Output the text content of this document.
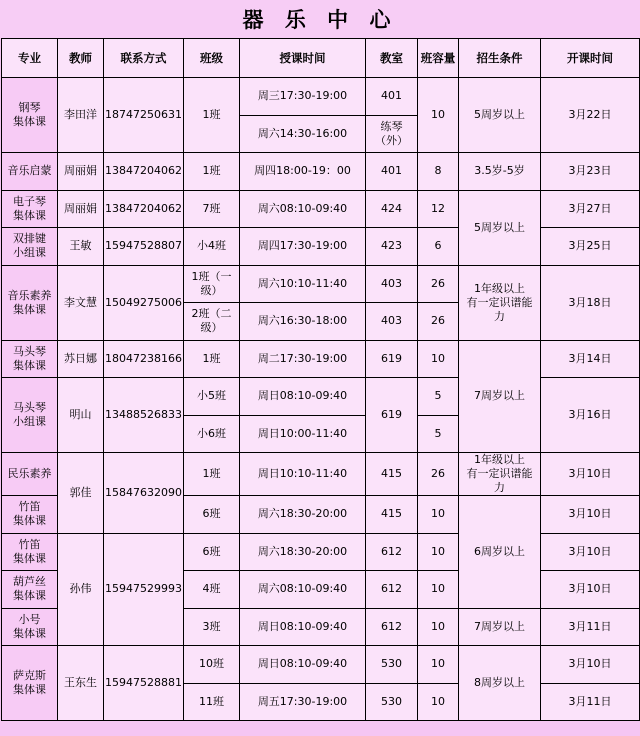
器 乐 中 心
专业	教师	联系方式	班级	授课时间	教室	班容量	招生条件	开课时间
钢琴
集体课	李田洋	18747250631	1班	周三17:30-19:00	401	10	5周岁以上	3月22日
				周六14:30-16:00	练琴
（外）			
音乐启蒙	周丽娟	13847204062	1班	周四18:00-19：00	401	8	3.5岁-5岁	3月23日
电子琴
集体课	周丽娟	13847204062	7班	周六08:10-09:40	424	12	5周岁以上	3月27日
双排键
小组课	王敏	15947528807	小4班	周四17:30-19:00	423	6		3月25日
音乐素养
集体课	李文慧	15049275006	1班（一
级）	周六10:10-11:40	403	26	1年级以上
有一定识谱能
力	3月18日
			2班（二
级）	周六16:30-18:00	403	26		
马头琴
集体课	苏日娜	18047238166	1班	周二17:30-19:00	619	10	7周岁以上	3月14日
马头琴
小组课	明山	13488526833	小5班	周日08:10-09:40	619	5		3月16日
			小6班	周日10:00-11:40		5		
民乐素养	郭佳	15847632090	1班	周日10:10-11:40	415	26	1年级以上
有一定识谱能
力	3月10日
竹笛
集体课			6班	周六18:30-20:00	415	10	6周岁以上	3月10日
竹笛
集体课	孙伟	15947529993	6班	周六18:30-20:00	612	10		3月10日
葫芦丝
集体课			4班	周六08:10-09:40	612	10		3月10日
小号
集体课			3班	周日08:10-09:40	612	10	7周岁以上	3月11日
萨克斯
集体课	王东生	15947528881	10班	周日08:10-09:40	530	10	8周岁以上	3月10日
			11班	周五17:30-19:00	530	10		3月11日
